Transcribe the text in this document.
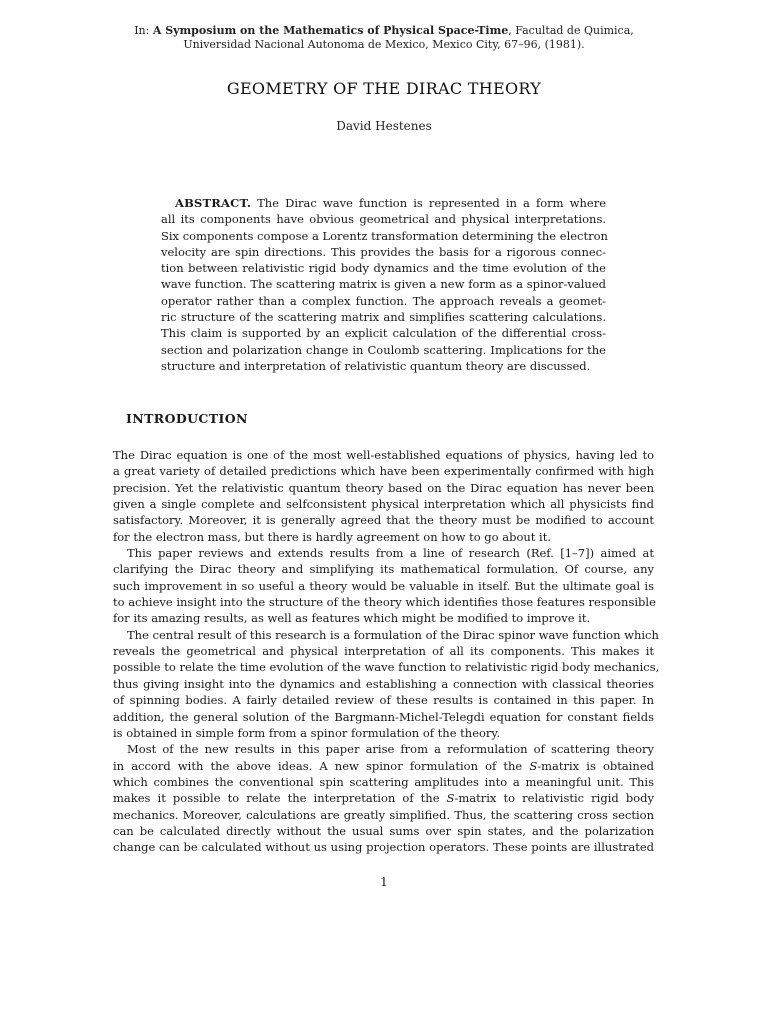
In: A Symposium on the Mathematics of Physical Space-Time, Facultad de Quimica,
Universidad Nacional Autonoma de Mexico, Mexico City, 67–96, (1981).
GEOMETRY OF THE DIRAC THEORY
David Hestenes
ABSTRACT. The Dirac wave function is represented in a form where
all its components have obvious geometrical and physical interpretations.
Six components compose a Lorentz transformation determining the electron
velocity are spin directions. This provides the basis for a rigorous connec-
tion between relativistic rigid body dynamics and the time evolution of the
wave function. The scattering matrix is given a new form as a spinor-valued
operator rather than a complex function. The approach reveals a geomet-
ric structure of the scattering matrix and simplifies scattering calculations.
This claim is supported by an explicit calculation of the differential cross-
section and polarization change in Coulomb scattering. Implications for the
structure and interpretation of relativistic quantum theory are discussed.
INTRODUCTION
The Dirac equation is one of the most well-established equations of physics, having led to
a great variety of detailed predictions which have been experimentally confirmed with high
precision. Yet the relativistic quantum theory based on the Dirac equation has never been
given a single complete and selfconsistent physical interpretation which all physicists find
satisfactory. Moreover, it is generally agreed that the theory must be modified to account
for the electron mass, but there is hardly agreement on how to go about it.
This paper reviews and extends results from a line of research (Ref. [1–7]) aimed at
clarifying the Dirac theory and simplifying its mathematical formulation. Of course, any
such improvement in so useful a theory would be valuable in itself. But the ultimate goal is
to achieve insight into the structure of the theory which identifies those features responsible
for its amazing results, as well as features which might be modified to improve it.
The central result of this research is a formulation of the Dirac spinor wave function which
reveals the geometrical and physical interpretation of all its components. This makes it
possible to relate the time evolution of the wave function to relativistic rigid body mechanics,
thus giving insight into the dynamics and establishing a connection with classical theories
of spinning bodies. A fairly detailed review of these results is contained in this paper. In
addition, the general solution of the Bargmann-Michel-Telegdi equation for constant fields
is obtained in simple form from a spinor formulation of the theory.
Most of the new results in this paper arise from a reformulation of scattering theory
in accord with the above ideas. A new spinor formulation of the S-matrix is obtained
which combines the conventional spin scattering amplitudes into a meaningful unit. This
makes it possible to relate the interpretation of the S-matrix to relativistic rigid body
mechanics. Moreover, calculations are greatly simplified. Thus, the scattering cross section
can be calculated directly without the usual sums over spin states, and the polarization
change can be calculated without us using projection operators. These points are illustrated
1
